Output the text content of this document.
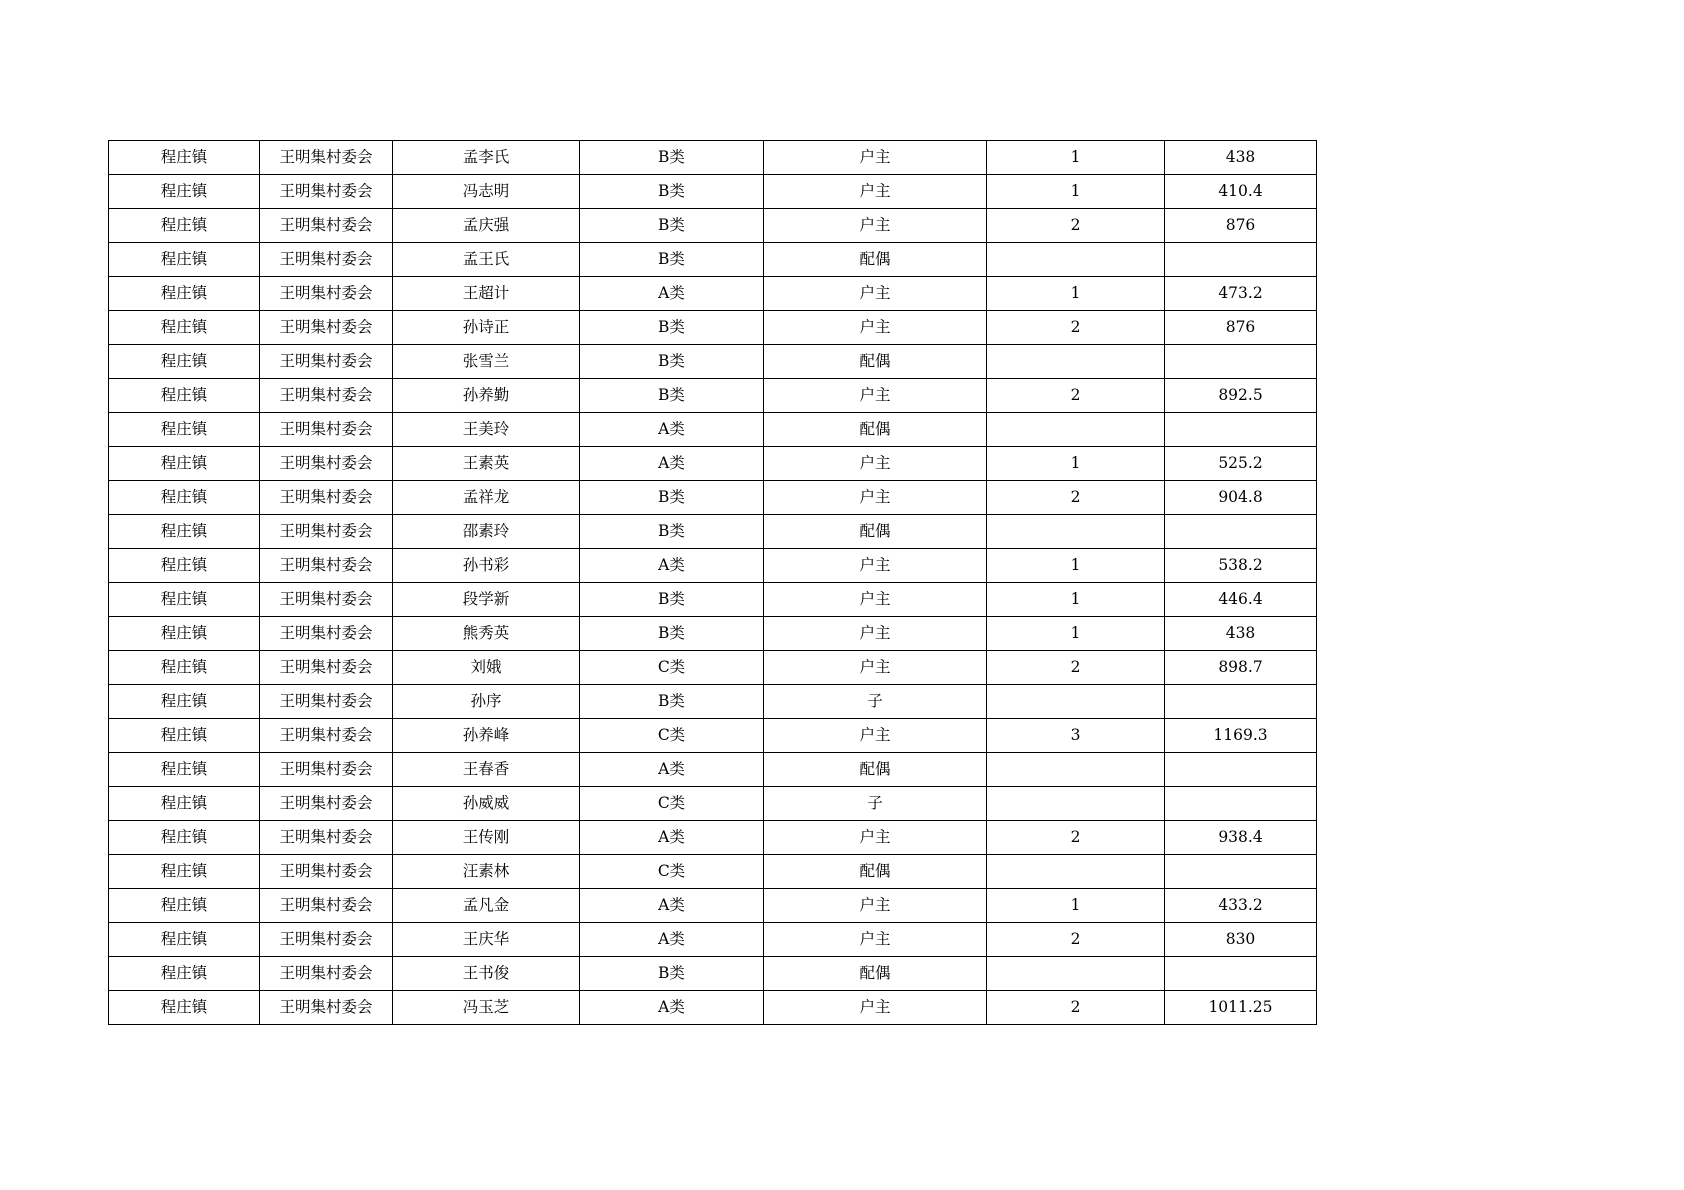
程庄镇	王明集村委会	孟李氏	B类	户主	1	438
程庄镇	王明集村委会	冯志明	B类	户主	1	410.4
程庄镇	王明集村委会	孟庆强	B类	户主	2	876
程庄镇	王明集村委会	孟王氏	B类	配偶		
程庄镇	王明集村委会	王超计	A类	户主	1	473.2
程庄镇	王明集村委会	孙诗正	B类	户主	2	876
程庄镇	王明集村委会	张雪兰	B类	配偶		
程庄镇	王明集村委会	孙养勤	B类	户主	2	892.5
程庄镇	王明集村委会	王美玲	A类	配偶		
程庄镇	王明集村委会	王素英	A类	户主	1	525.2
程庄镇	王明集村委会	孟祥龙	B类	户主	2	904.8
程庄镇	王明集村委会	邵素玲	B类	配偶		
程庄镇	王明集村委会	孙书彩	A类	户主	1	538.2
程庄镇	王明集村委会	段学新	B类	户主	1	446.4
程庄镇	王明集村委会	熊秀英	B类	户主	1	438
程庄镇	王明集村委会	刘娥	C类	户主	2	898.7
程庄镇	王明集村委会	孙序	B类	子		
程庄镇	王明集村委会	孙养峰	C类	户主	3	1169.3
程庄镇	王明集村委会	王春香	A类	配偶		
程庄镇	王明集村委会	孙威威	C类	子		
程庄镇	王明集村委会	王传刚	A类	户主	2	938.4
程庄镇	王明集村委会	汪素林	C类	配偶		
程庄镇	王明集村委会	孟凡金	A类	户主	1	433.2
程庄镇	王明集村委会	王庆华	A类	户主	2	830
程庄镇	王明集村委会	王书俊	B类	配偶		
程庄镇	王明集村委会	冯玉芝	A类	户主	2	1011.25
